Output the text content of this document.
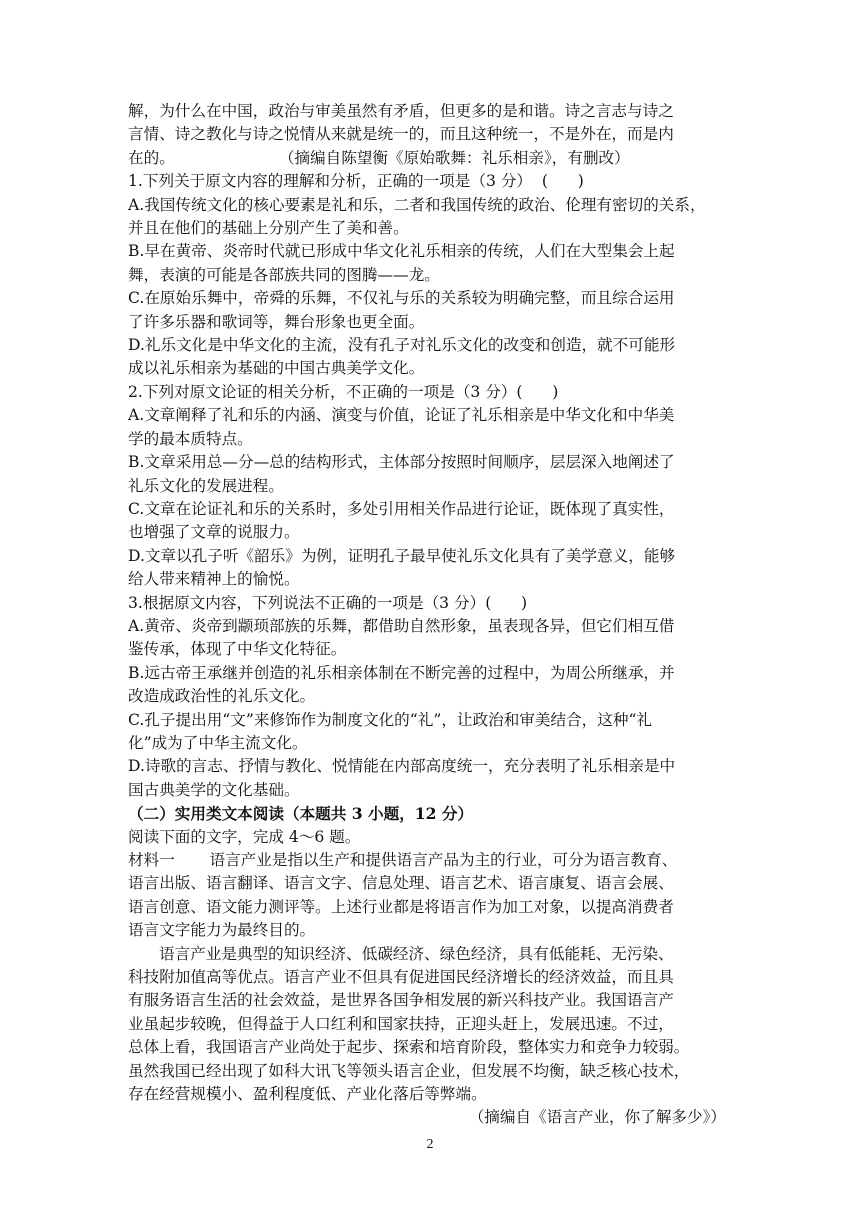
解，为什么在中国，政治与审美虽然有矛盾，但更多的是和谐。诗之言志与诗之
言情、诗之教化与诗之悦情从来就是统一的，而且这种统一，不是外在，而是内
在的。                     （摘编自陈望衡《原始歌舞：礼乐相亲》，有删改）
1.下列关于原文内容的理解和分析，正确的一项是（3 分）  (      )
A.我国传统文化的核心要素是礼和乐，二者和我国传统的政治、伦理有密切的关系，
并且在他们的基础上分别产生了美和善。
B.早在黄帝、炎帝时代就已形成中华文化礼乐相亲的传统，人们在大型集会上起
舞，表演的可能是各部族共同的图腾——龙。
C.在原始乐舞中，帝舜的乐舞，不仅礼与乐的关系较为明确完整，而且综合运用
了许多乐器和歌词等，舞台形象也更全面。
D.礼乐文化是中华文化的主流，没有孔子对礼乐文化的改变和创造，就不可能形
成以礼乐相亲为基础的中国古典美学文化。
2.下列对原文论证的相关分析，不正确的一项是（3 分）(      )
A.文章阐释了礼和乐的内涵、演变与价值，论证了礼乐相亲是中华文化和中华美
学的最本质特点。
B.文章采用总—分—总的结构形式，主体部分按照时间顺序，层层深入地阐述了
礼乐文化的发展进程。
C.文章在论证礼和乐的关系时，多处引用相关作品进行论证，既体现了真实性，
也增强了文章的说服力。
D.文章以孔子听《韶乐》为例，证明孔子最早使礼乐文化具有了美学意义，能够
给人带来精神上的愉悦。
3.根据原文内容，下列说法不正确的一项是（3 分）(      )
A.黄帝、炎帝到颛顼部族的乐舞，都借助自然形象，虽表现各异，但它们相互借
鉴传承，体现了中华文化特征。
B.远古帝王承继并创造的礼乐相亲体制在不断完善的过程中，为周公所继承，并
改造成政治性的礼乐文化。
C.孔子提出用“文”来修饰作为制度文化的“礼”，让政治和审美结合，这种“礼
化”成为了中华主流文化。
D.诗歌的言志、抒情与教化、悦情能在内部高度统一，充分表明了礼乐相亲是中
国古典美学的文化基础。
（二）实用类文本阅读（本题共 3 小题，12 分）
阅读下面的文字，完成 4～6 题。
材料一       语言产业是指以生产和提供语言产品为主的行业，可分为语言教育、
语言出版、语言翻译、语言文字、信息处理、语言艺术、语言康复、语言会展、
语言创意、语文能力测评等。上述行业都是将语言作为加工对象，以提高消费者
语言文字能力为最终目的。
语言产业是典型的知识经济、低碳经济、绿色经济，具有低能耗、无污染、
科技附加值高等优点。语言产业不但具有促进国民经济增长的经济效益，而且具
有服务语言生活的社会效益，是世界各国争相发展的新兴科技产业。我国语言产
业虽起步较晚，但得益于人口红利和国家扶持，正迎头赶上，发展迅速。不过，
总体上看，我国语言产业尚处于起步、探索和培育阶段，整体实力和竞争力较弱。
虽然我国已经出现了如科大讯飞等领头语言企业，但发展不均衡，缺乏核心技术，
存在经营规模小、盈利程度低、产业化落后等弊端。
（摘编自《语言产业，你了解多少》）
2
